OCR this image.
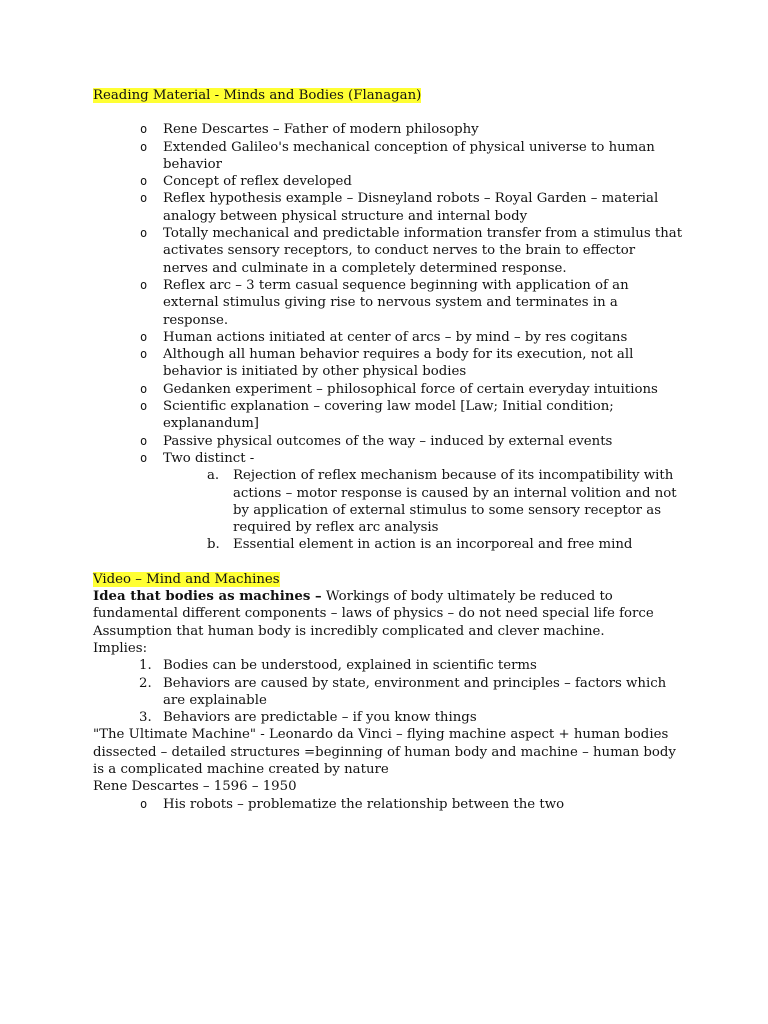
Reading Material - Minds and Bodies (Flanagan)
o Rene Descartes – Father of modern philosophy
o Extended Galileo's mechanical conception of physical universe to human behavior
o Concept of reflex developed
o Reflex hypothesis example – Disneyland robots – Royal Garden – material analogy between physical structure and internal body
o Totally mechanical and predictable information transfer from a stimulus that activates sensory receptors, to conduct nerves to the brain to effector nerves and culminate in a completely determined response.
o Reflex arc – 3 term casual sequence beginning with application of an external stimulus giving rise to nervous system and terminates in a response.
o Human actions initiated at center of arcs – by mind – by res cogitans
o Although all human behavior requires a body for its execution, not all behavior is initiated by other physical bodies
o Gedanken experiment – philosophical force of certain everyday intuitions
o Scientific explanation – covering law model [Law; Initial condition; explanandum]
o Passive physical outcomes of the way – induced by external events
o Two distinct -
a. Rejection of reflex mechanism because of its incompatibility with actions – motor response is caused by an internal volition and not by application of external stimulus to some sensory receptor as required by reflex arc analysis
b. Essential element in action is an incorporeal and free mind
Video – Mind and Machines

Idea that bodies as machines – Workings of body ultimately be reduced to fundamental different components – laws of physics – do not need special life force

Assumption that human body is incredibly complicated and clever machine.

Implies:

1. Bodies can be understood, explained in scientific terms
2. Behaviors are caused by state, environment and principles – factors which are explainable
3. Behaviors are predictable – if you know things

"The Ultimate Machine" - Leonardo da Vinci – flying machine aspect + human bodies dissected – detailed structures =beginning of human body and machine – human body is a complicated machine created by nature

Rene Descartes – 1596 – 1950

o His robots – problematize the relationship between the two
